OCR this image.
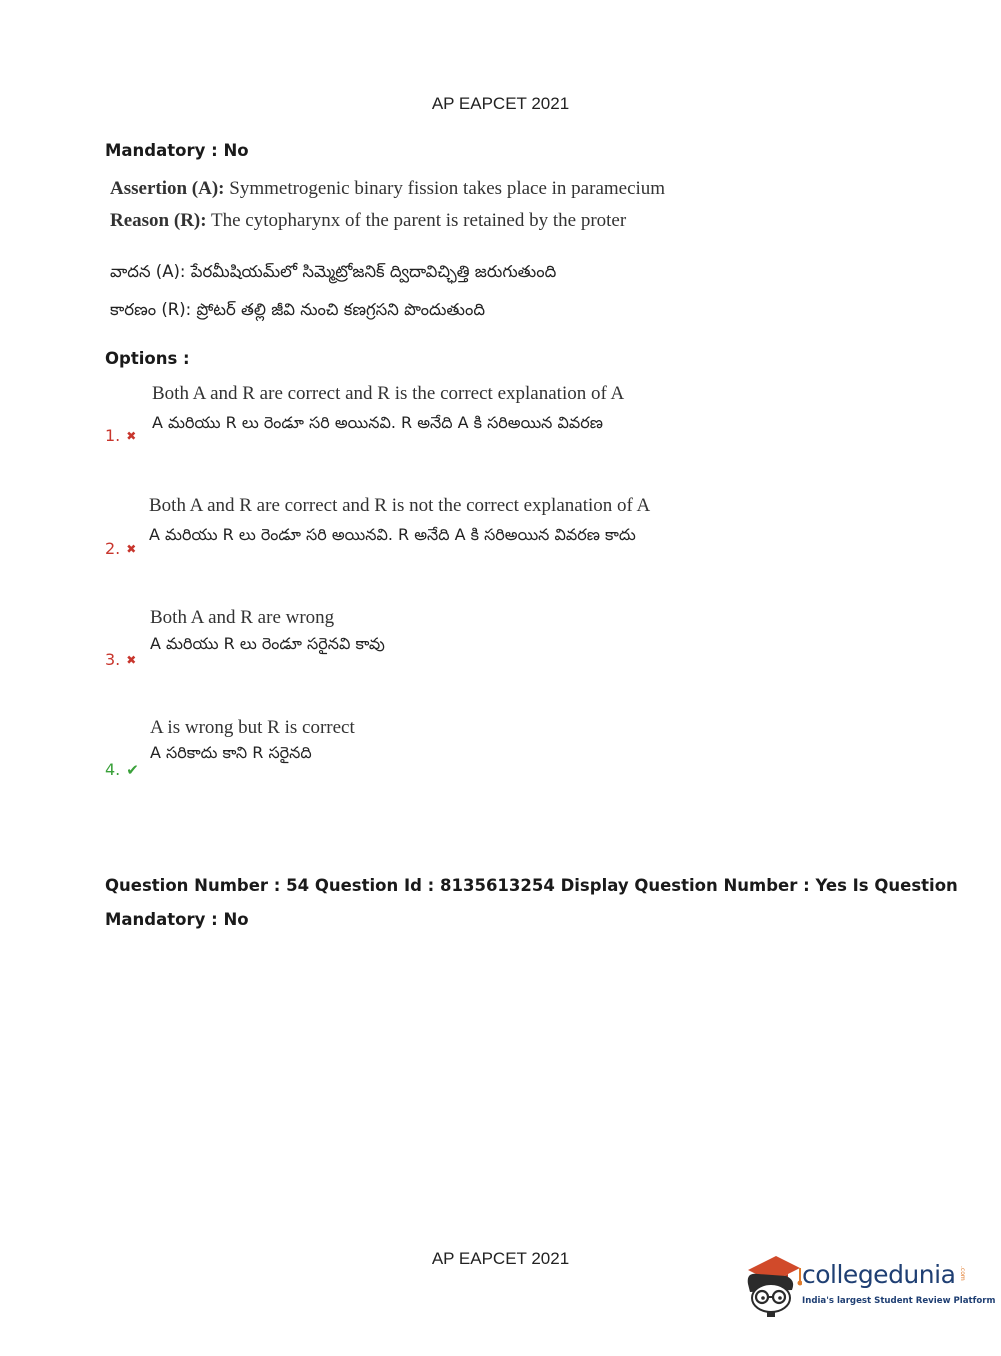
AP EAPCET 2021
Mandatory : No
Assertion (A): Symmetrogenic binary fission takes place in paramecium
Reason (R): The cytopharynx of the parent is retained by the proter
వాదన (A): పేరమీషియమ్‌లో సిమ్మెట్రోజనిక్ ద్విదావిచ్ఛిత్తి జరుగుతుంది
కారణం (R): ప్రోటర్ తల్లి జీవి నుంచి కణగ్రసని పొందుతుంది
Options :
Both A and R are correct and R is the correct explanation of A
A మరియు R లు రెండూ సరి అయినవి. R అనేది A కి సరిఅయిన వివరణ
1. ✖
Both A and R are correct and R is not the correct explanation of A
A మరియు R లు రెండూ సరి అయినవి. R అనేది A కి సరిఅయిన వివరణ కాదు
2. ✖
Both A and R are wrong
A మరియు R లు రెండూ సరైనవి కావు
3. ✖
A is wrong but R is correct
A సరికాదు కాని R సరైనది
4. ✔
Question Number : 54 Question Id : 8135613254 Display Question Number : Yes Is Question
Mandatory : No
AP EAPCET 2021
collegedunia .com
India's largest Student Review Platform
